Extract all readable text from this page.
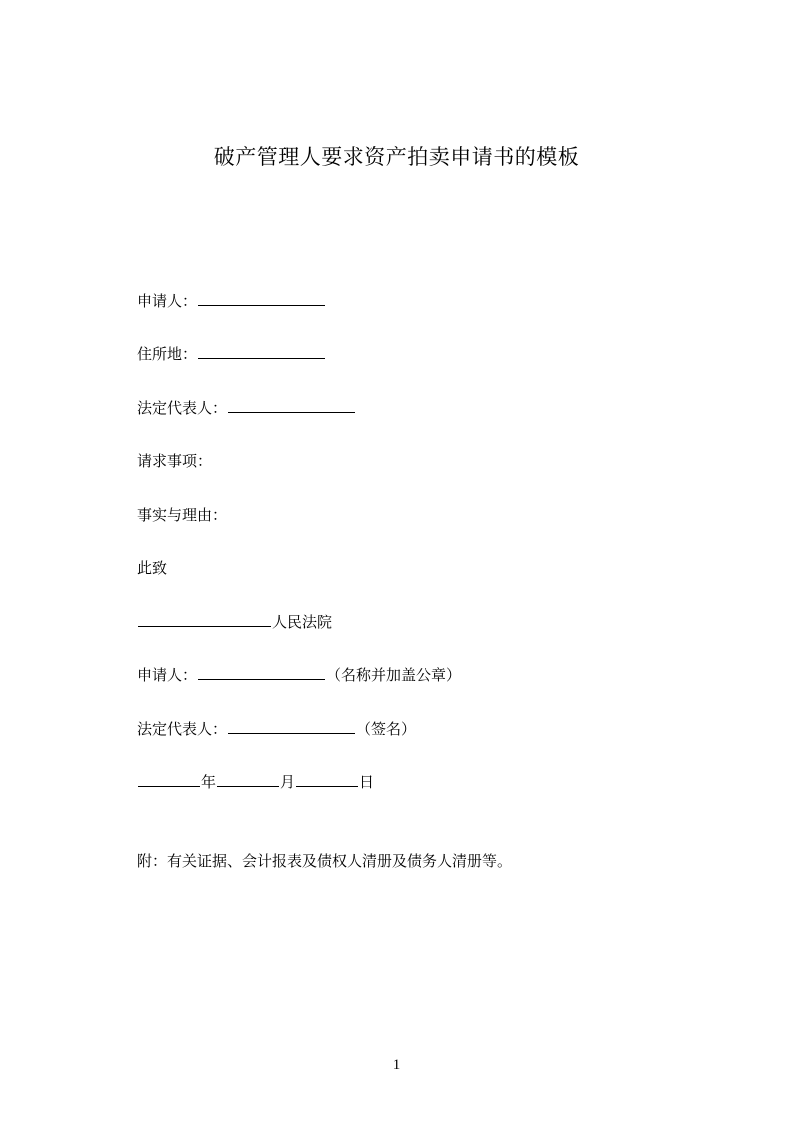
破产管理人要求资产拍卖申请书的模板
申请人：
住所地：
法定代表人：
请求事项：
事实与理由：
此致
人民法院
申请人：	（名称并加盖公章）
法定代表人：	（签名）
年	月	日
附：有关证据、会计报表及债权人清册及债务人清册等。
1
